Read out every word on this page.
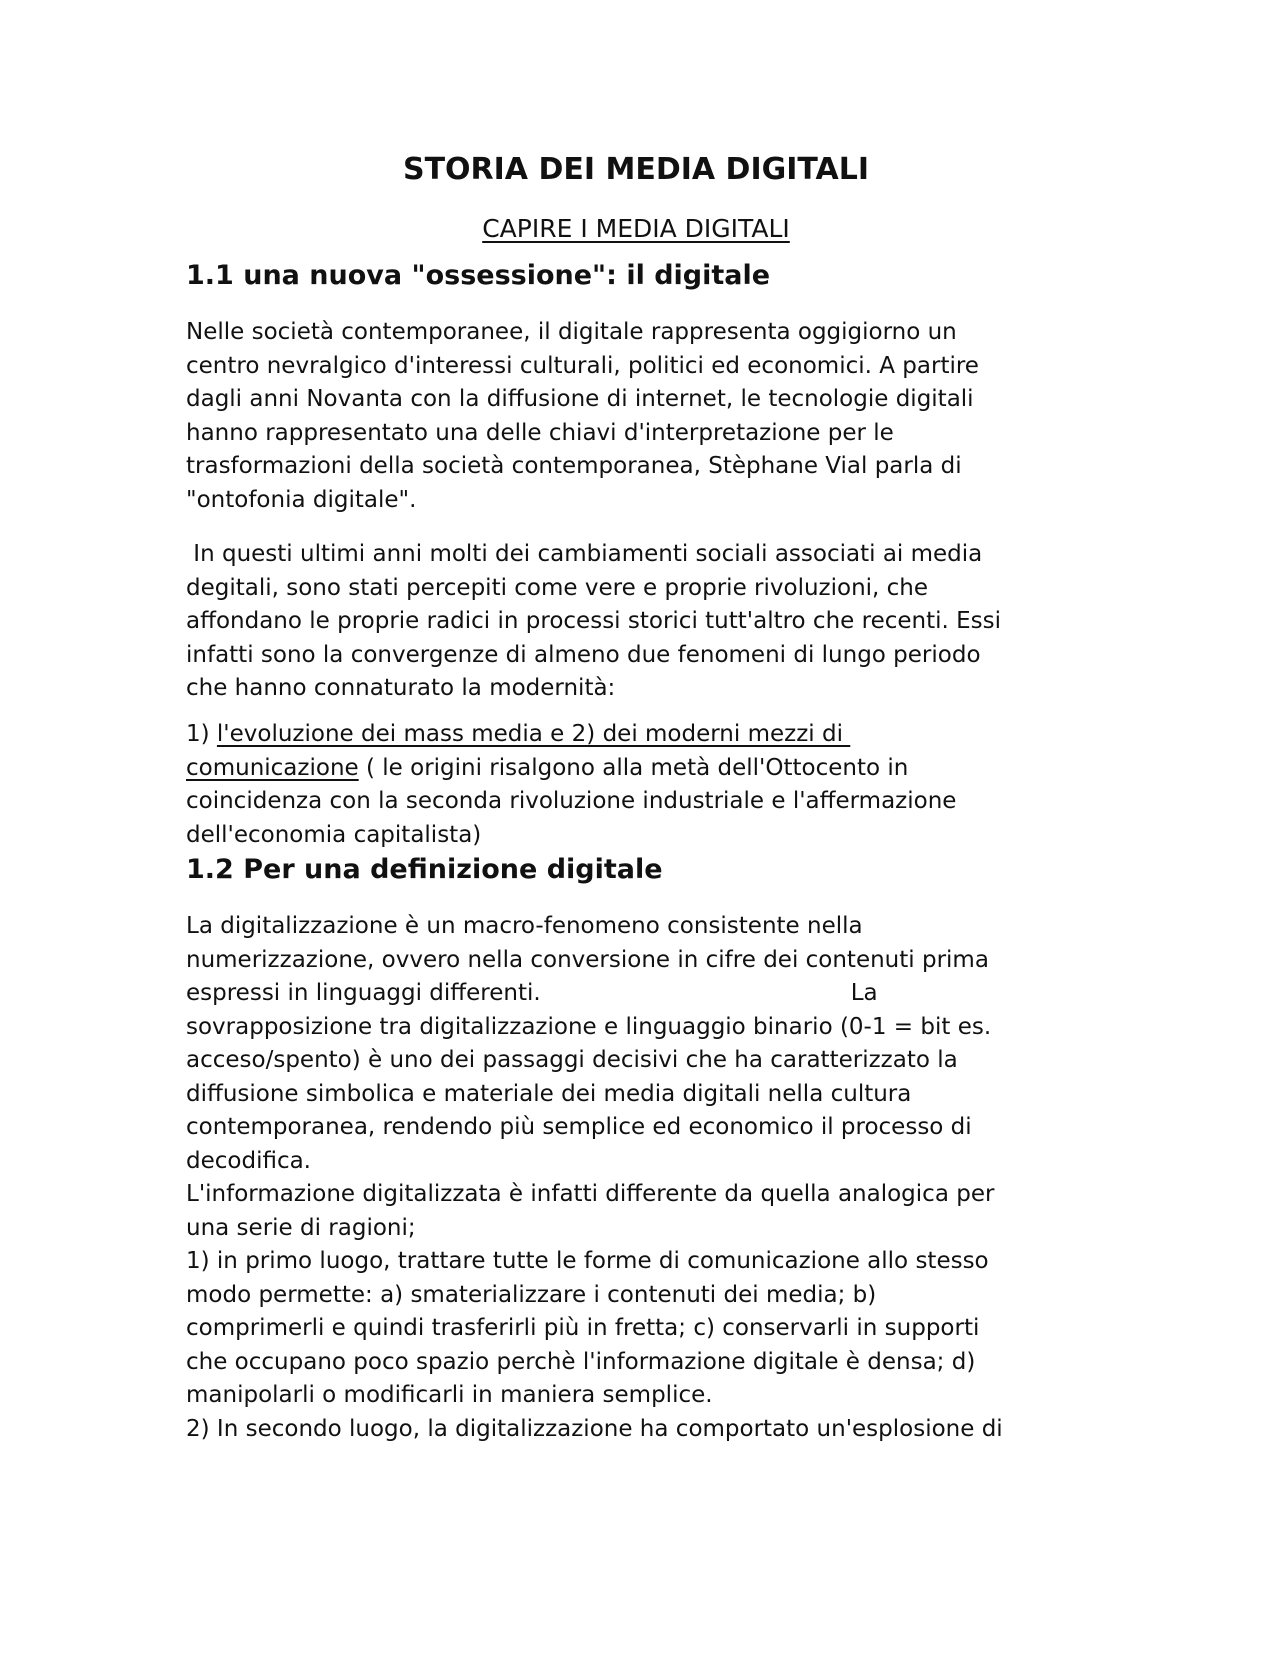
STORIA DEI MEDIA DIGITALI
CAPIRE I MEDIA DIGITALI
1.1 una nuova "ossessione": il digitale
Nelle società contemporanee, il digitale rappresenta oggigiorno un
centro nevralgico d'interessi culturali, politici ed economici. A partire
dagli anni Novanta con la diffusione di internet, le tecnologie digitali
hanno rappresentato una delle chiavi d'interpretazione per le
trasformazioni della società contemporanea, Stèphane Vial parla di
"ontofonia digitale".
In questi ultimi anni molti dei cambiamenti sociali associati ai media
degitali, sono stati percepiti come vere e proprie rivoluzioni, che
affondano le proprie radici in processi storici tutt'altro che recenti. Essi
infatti sono la convergenze di almeno due fenomeni di lungo periodo
che hanno connaturato la modernità:
1) l'evoluzione dei mass media e 2) dei moderni mezzi di
comunicazione ( le origini risalgono alla metà dell'Ottocento in
coincidenza con la seconda rivoluzione industriale e l'affermazione
dell'economia capitalista)
1.2 Per una definizione digitale
La digitalizzazione è un macro-fenomeno consistente nella
numerizzazione, ovvero nella conversione in cifre dei contenuti prima
espressi in linguaggi differenti.	La
sovrapposizione tra digitalizzazione e linguaggio binario (0-1 = bit es.
acceso/spento) è uno dei passaggi decisivi che ha caratterizzato la
diffusione simbolica e materiale dei media digitali nella cultura
contemporanea, rendendo più semplice ed economico il processo di
decodifica.
L'informazione digitalizzata è infatti differente da quella analogica per
una serie di ragioni;
1) in primo luogo, trattare tutte le forme di comunicazione allo stesso
modo permette: a) smaterializzare i contenuti dei media; b)
comprimerli e quindi trasferirli più in fretta; c) conservarli in supporti
che occupano poco spazio perchè l'informazione digitale è densa; d)
manipolarli o modificarli in maniera semplice.
2) In secondo luogo, la digitalizzazione ha comportato un'esplosione di
